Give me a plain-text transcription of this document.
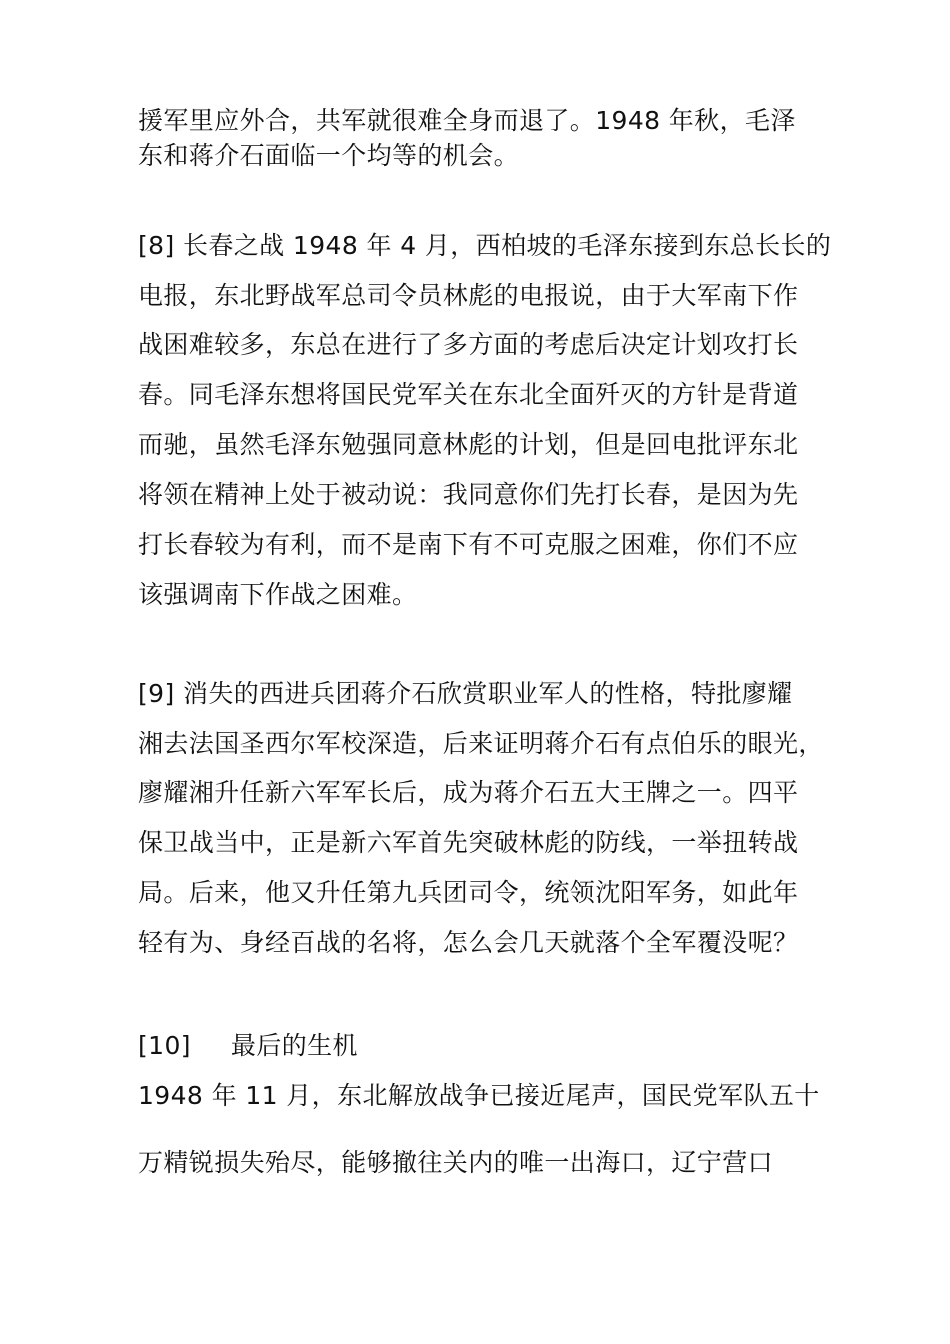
援军里应外合，共军就很难全身而退了。1948 年秋，毛泽

东和蒋介石面临一个均等的机会。

[8] 长春之战 1948 年 4 月，西柏坡的毛泽东接到东总长长的

电报，东北野战军总司令员林彪的电报说，由于大军南下作

战困难较多，东总在进行了多方面的考虑后决定计划攻打长

春。同毛泽东想将国民党军关在东北全面歼灭的方针是背道

而驰，虽然毛泽东勉强同意林彪的计划，但是回电批评东北

将领在精神上处于被动说：我同意你们先打长春，是因为先

打长春较为有利，而不是南下有不可克服之困难，你们不应

该强调南下作战之困难。

[9] 消失的西进兵团蒋介石欣赏职业军人的性格，特批廖耀

湘去法国圣西尔军校深造，后来证明蒋介石有点伯乐的眼光，

廖耀湘升任新六军军长后，成为蒋介石五大王牌之一。四平

保卫战当中，正是新六军首先突破林彪的防线，一举扭转战

局。后来，他又升任第九兵团司令，统领沈阳军务，如此年

轻有为、身经百战的名将，怎么会几天就落个全军覆没呢？

[10] 最后的生机

1948 年 11 月，东北解放战争已接近尾声，国民党军队五十

万精锐损失殆尽，能够撤往关内的唯一出海口，辽宁营口
